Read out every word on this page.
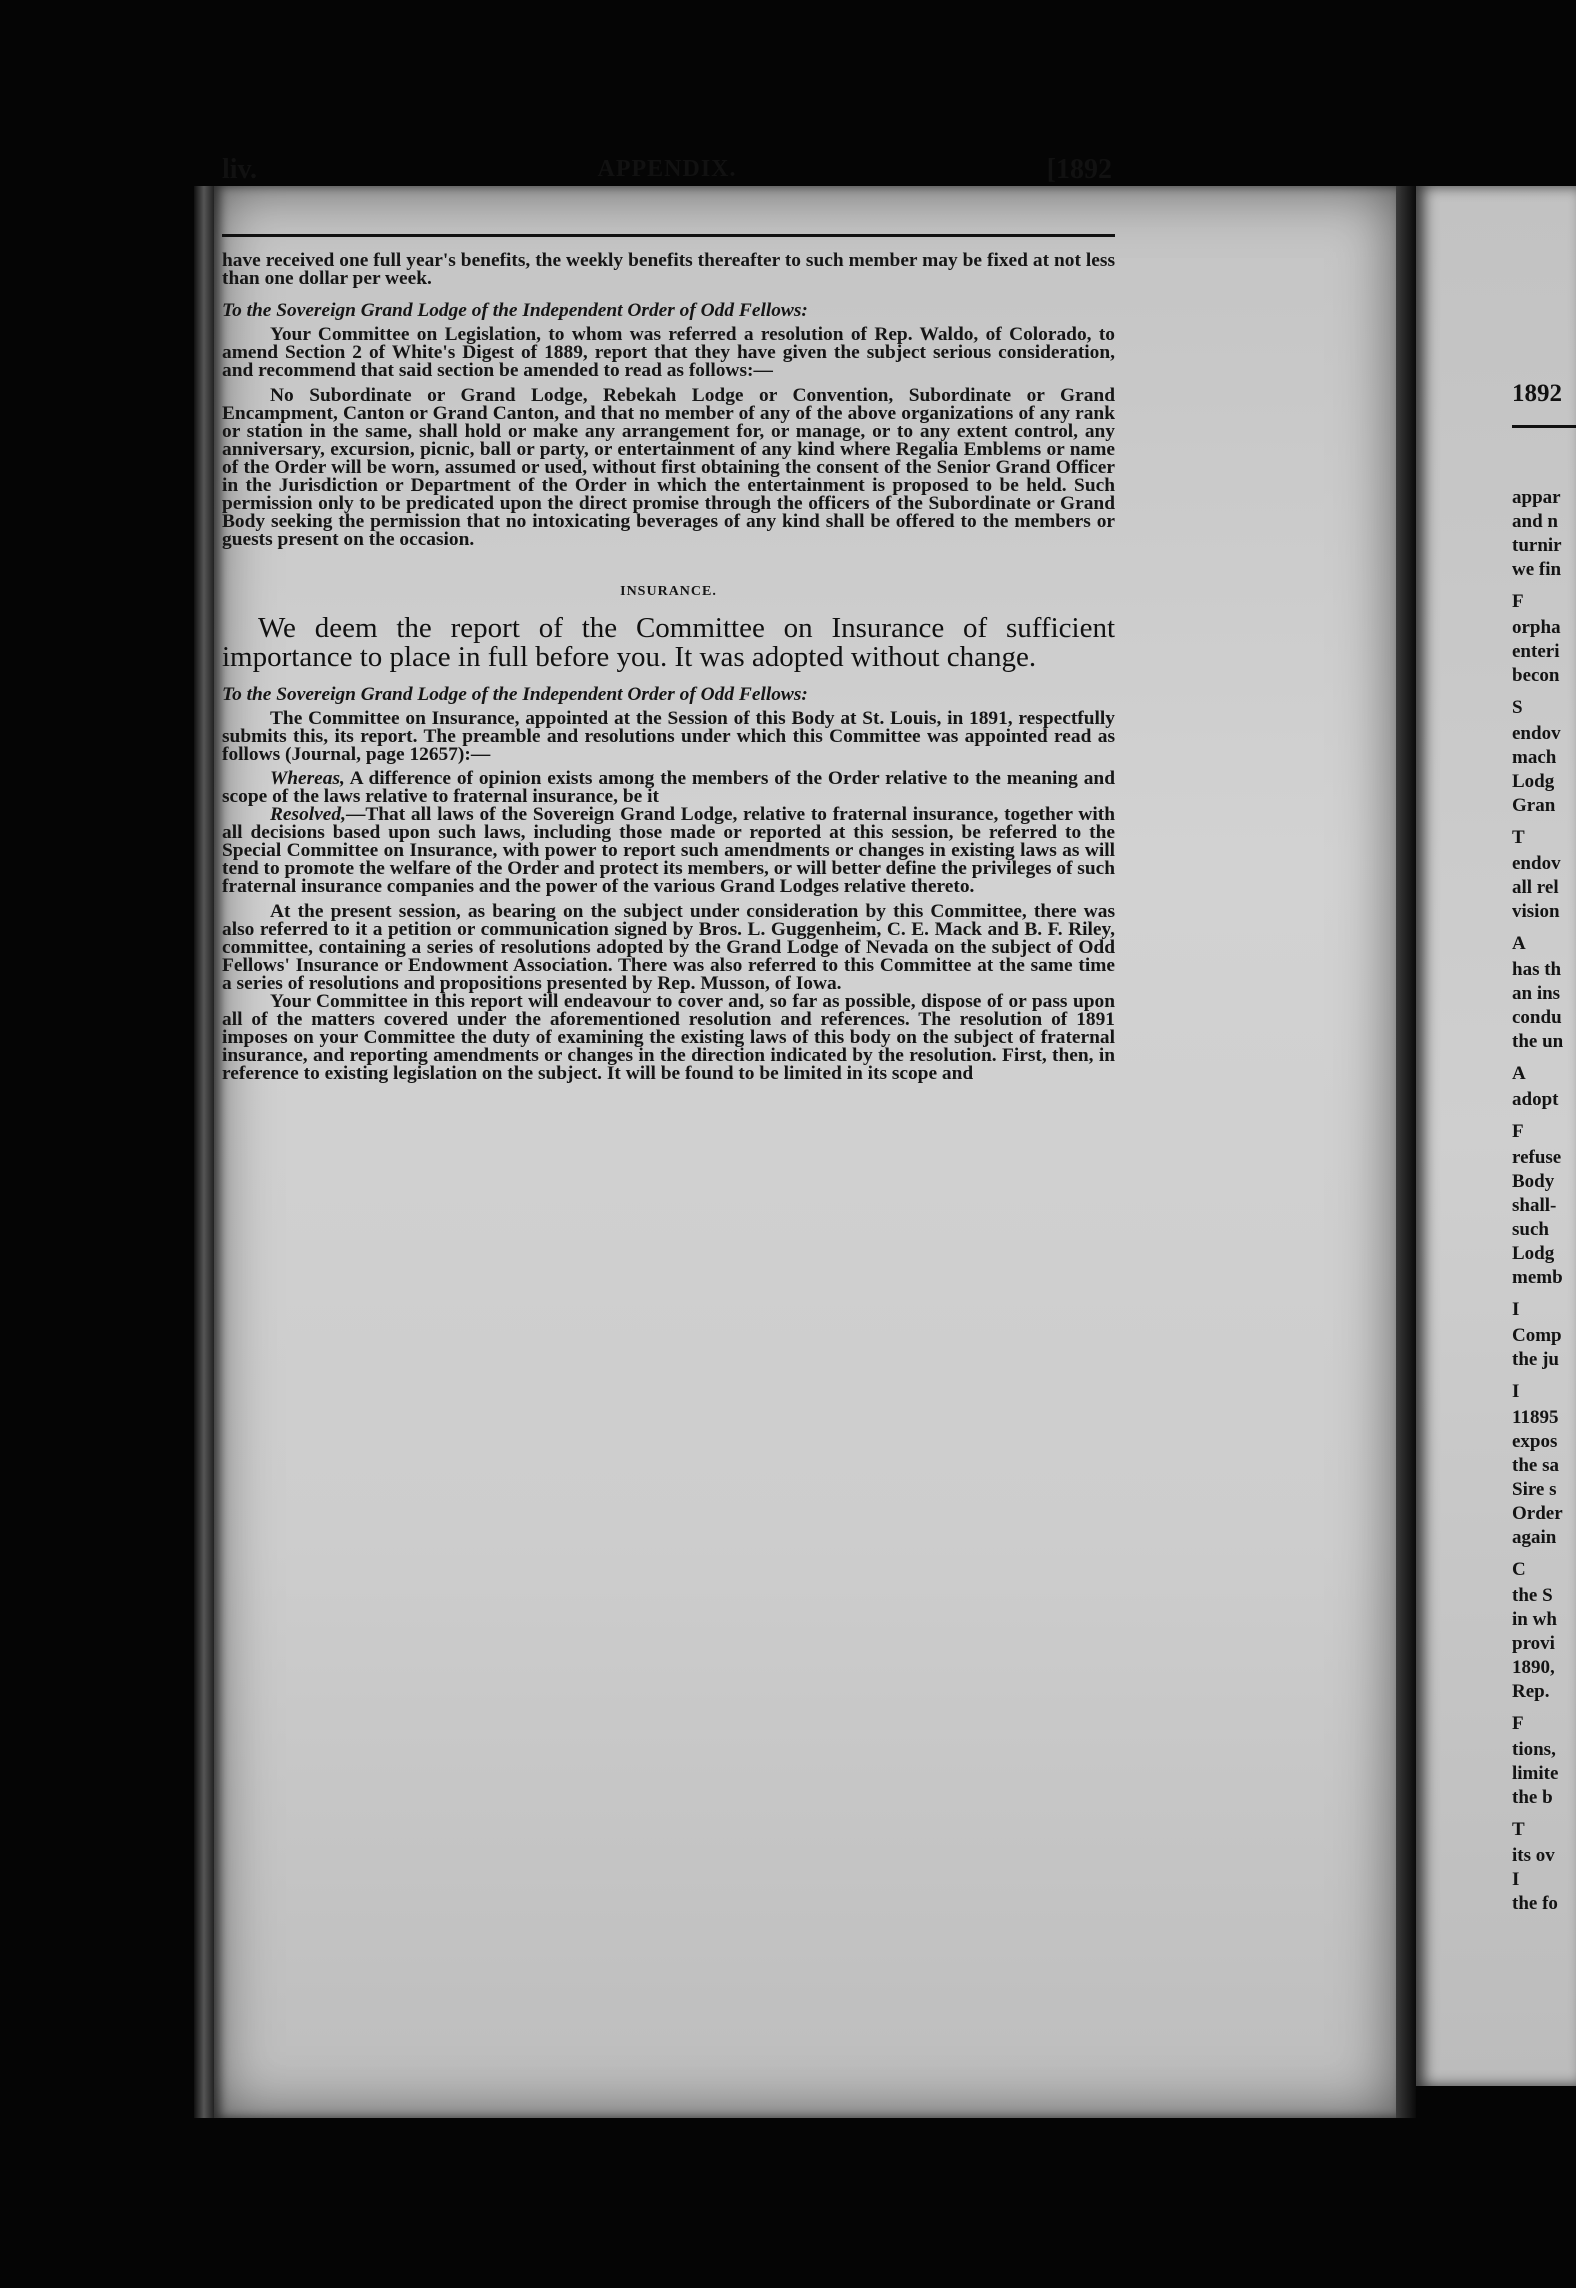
1892
appar
and n
turnir
we fin
F
orpha
enteri
becon
S
endov
mach
Lodg
Gran
T
endov
all rel
vision
A
has th
an ins
condu
the un
A
adopt
F
refuse
Body
shall-
such
Lodg
memb
I
Comp
the ju
I
11895
expos
the sa
Sire s
Order
again
C
the S
in wh
provi
1890,
Rep.
F
tions,
limite
the b
T
its ov
I
the fo
liv.	APPENDIX.	[1892

have received one full year's benefits, the weekly benefits thereafter to such member may be fixed at not less than one dollar per week.

To the Sovereign Grand Lodge of the Independent Order of Odd Fellows:

Your Committee on Legislation, to whom was referred a resolution of Rep. Waldo, of Colorado, to amend Section 2 of White's Digest of 1889, report that they have given the subject serious consideration, and recommend that said section be amended to read as follows:—

No Subordinate or Grand Lodge, Rebekah Lodge or Convention, Subordinate or Grand Encampment, Canton or Grand Canton, and that no member of any of the above organizations of any rank or station in the same, shall hold or make any arrangement for, or manage, or to any extent control, any anniversary, excursion, picnic, ball or party, or entertainment of any kind where Regalia Emblems or name of the Order will be worn, assumed or used, without first obtaining the consent of the Senior Grand Officer in the Jurisdiction or Department of the Order in which the entertainment is proposed to be held. Such permission only to be predicated upon the direct promise through the officers of the Subordinate or Grand Body seeking the permission that no intoxicating beverages of any kind shall be offered to the members or guests present on the occasion.

INSURANCE.

We deem the report of the Committee on Insurance of sufficient importance to place in full before you. It was adopted without change.

To the Sovereign Grand Lodge of the Independent Order of Odd Fellows:

The Committee on Insurance, appointed at the Session of this Body at St. Louis, in 1891, respectfully submits this, its report. The preamble and resolutions under which this Committee was appointed read as follows (Journal, page 12657):—

Whereas, A difference of opinion exists among the members of the Order relative to the meaning and scope of the laws relative to fraternal insurance, be it

Resolved,—That all laws of the Sovereign Grand Lodge, relative to fraternal insurance, together with all decisions based upon such laws, including those made or reported at this session, be referred to the Special Committee on Insurance, with power to report such amendments or changes in existing laws as will tend to promote the welfare of the Order and protect its members, or will better define the privileges of such fraternal insurance companies and the power of the various Grand Lodges relative thereto.

At the present session, as bearing on the subject under consideration by this Committee, there was also referred to it a petition or communication signed by Bros. L. Guggenheim, C. E. Mack and B. F. Riley, committee, containing a series of resolutions adopted by the Grand Lodge of Nevada on the subject of Odd Fellows' Insurance or Endowment Association. There was also referred to this Committee at the same time a series of resolutions and propositions presented by Rep. Musson, of Iowa.

Your Committee in this report will endeavour to cover and, so far as possible, dispose of or pass upon all of the matters covered under the aforementioned resolution and references. The resolution of 1891 imposes on your Committee the duty of examining the existing laws of this body on the subject of fraternal insurance, and reporting amendments or changes in the direction indicated by the resolution. First, then, in reference to existing legislation on the subject. It will be found to be limited in its scope and
